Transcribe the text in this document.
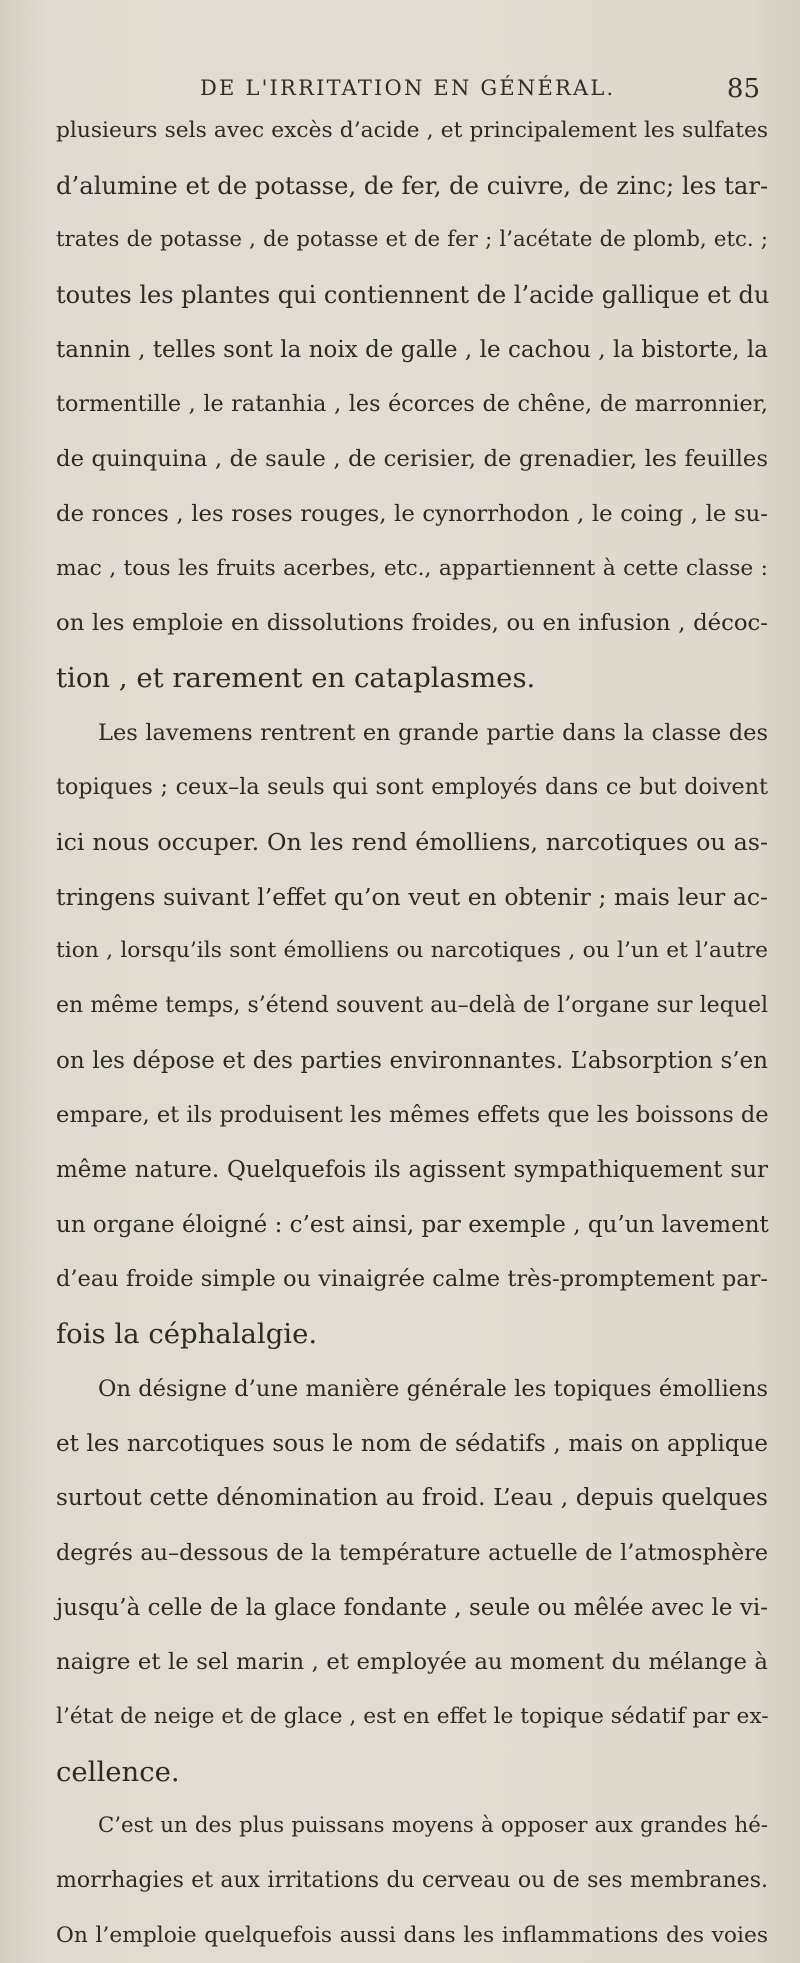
DE L'IRRITATION EN GÉNÉRAL.	85
plusieurs sels avec excès d’acide , et principalement les sulfates
d’alumine et de potasse, de fer, de cuivre, de zinc; les tar-
trates de potasse , de potasse et de fer ; l’acétate de plomb, etc. ;
toutes les plantes qui contiennent de l’acide gallique et du
tannin , telles sont la noix de galle , le cachou , la bistorte, la
tormentille , le ratanhia , les écorces de chêne, de marronnier,
de quinquina , de saule , de cerisier, de grenadier, les feuilles
de ronces , les roses rouges, le cynorrhodon , le coing , le su-
mac , tous les fruits acerbes, etc., appartiennent à cette classe :
on les emploie en dissolutions froides, ou en infusion , décoc-
tion , et rarement en cataplasmes.
Les lavemens rentrent en grande partie dans la classe des
topiques ; ceux–la seuls qui sont employés dans ce but doivent
ici nous occuper. On les rend émolliens, narcotiques ou as-
tringens suivant l’effet qu’on veut en obtenir ; mais leur ac-
tion , lorsqu’ils sont émolliens ou narcotiques , ou l’un et l’autre
en même temps, s’étend souvent au–delà de l’organe sur lequel
on les dépose et des parties environnantes. L’absorption s’en
empare, et ils produisent les mêmes effets que les boissons de
même nature. Quelquefois ils agissent sympathiquement sur
un organe éloigné : c’est ainsi, par exemple , qu’un lavement
d’eau froide simple ou vinaigrée calme très-promptement par-
fois la céphalalgie.
On désigne d’une manière générale les topiques émolliens
et les narcotiques sous le nom de sédatifs , mais on applique
surtout cette dénomination au froid. L’eau , depuis quelques
degrés au–dessous de la température actuelle de l’atmosphère
jusqu’à celle de la glace fondante , seule ou mêlée avec le vi-
naigre et le sel marin , et employée au moment du mélange à
l’état de neige et de glace , est en effet le topique sédatif par ex-
cellence.
C’est un des plus puissans moyens à opposer aux grandes hé-
morrhagies et aux irritations du cerveau ou de ses membranes.
On l’emploie quelquefois aussi dans les inflammations des voies
